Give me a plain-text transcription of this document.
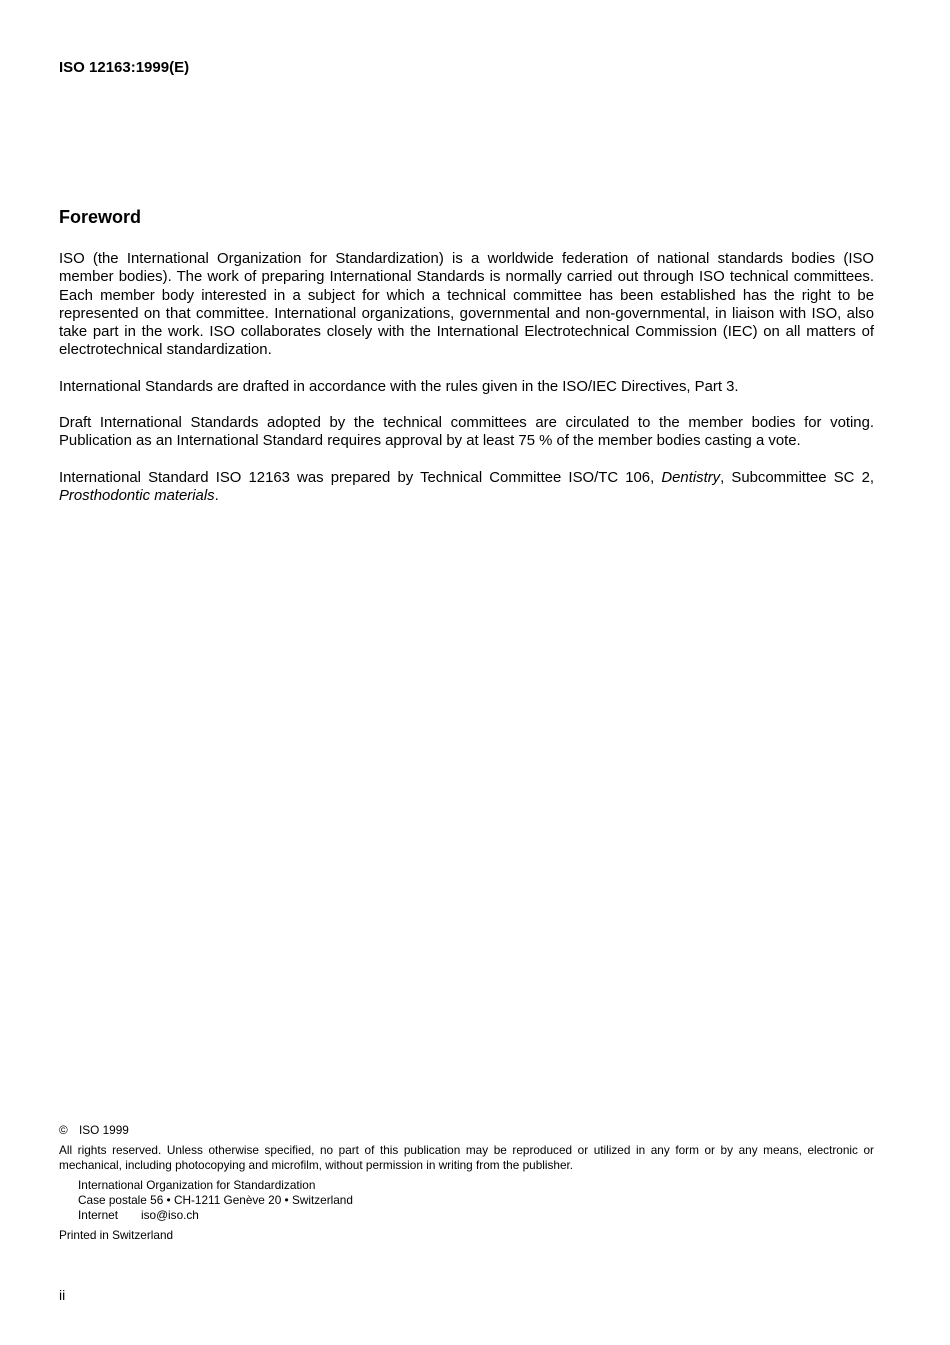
ISO 12163:1999(E)
Foreword

ISO (the International Organization for Standardization) is a worldwide federation of national standards bodies (ISO member bodies). The work of preparing International Standards is normally carried out through ISO technical committees. Each member body interested in a subject for which a technical committee has been established has the right to be represented on that committee. International organizations, governmental and non-governmental, in liaison with ISO, also take part in the work. ISO collaborates closely with the International Electrotechnical Commission (IEC) on all matters of electrotechnical standardization.

International Standards are drafted in accordance with the rules given in the ISO/IEC Directives, Part 3.

Draft International Standards adopted by the technical committees are circulated to the member bodies for voting. Publication as an International Standard requires approval by at least 75 % of the member bodies casting a vote.

International Standard ISO 12163 was prepared by Technical Committee ISO/TC 106, Dentistry, Subcommittee SC 2, Prosthodontic materials.

© ISO 1999
All rights reserved. Unless otherwise specified, no part of this publication may be reproduced or utilized in any form or by any means, electronic or mechanical, including photocopying and microfilm, without permission in writing from the publisher.
International Organization for Standardization
Case postale 56 • CH-1211 Genève 20 • Switzerland
Internet iso@iso.ch
Printed in Switzerland
ii
